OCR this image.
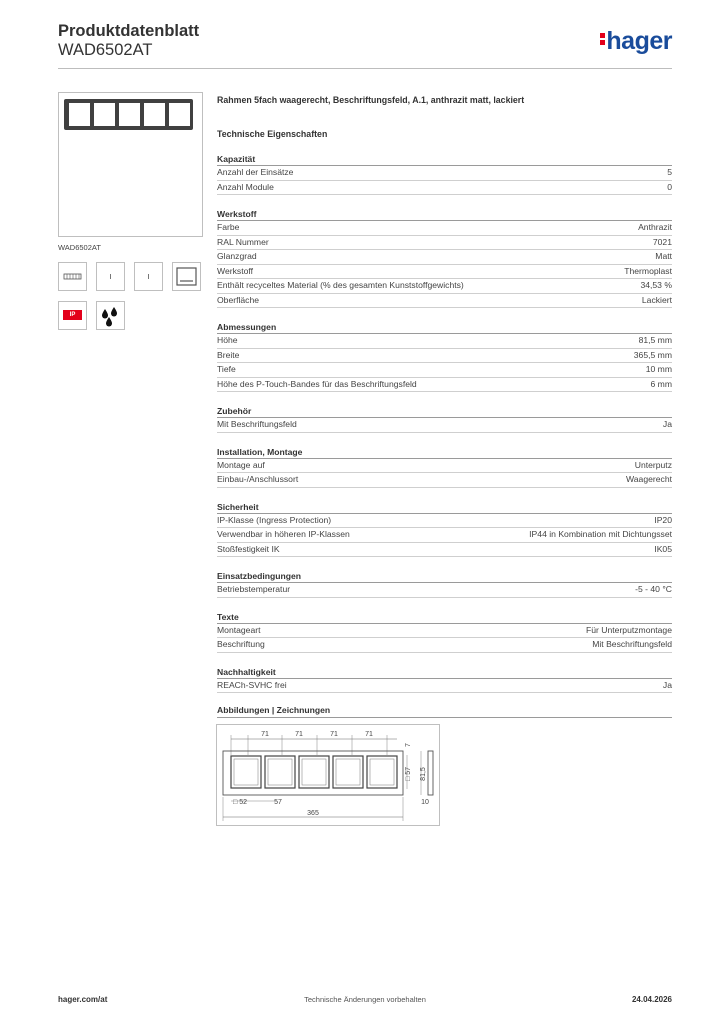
Produktdatenblatt
WAD6502AT	hager
WAD6502AT
IP
Rahmen 5fach waagerecht, Beschriftungsfeld, A.1, anthrazit matt, lackiert
Technische Eigenschaften
Kapazität
Anzahl der Einsätze	5
Anzahl Module	0
Werkstoff
Farbe	Anthrazit
RAL Nummer	7021
Glanzgrad	Matt
Werkstoff	Thermoplast
Enthält recyceltes Material (% des gesamten Kunststoffgewichts)	34,53 %
Oberfläche	Lackiert
Abmessungen
Höhe	81,5 mm
Breite	365,5 mm
Tiefe	10 mm
Höhe des P-Touch-Bandes für das Beschriftungsfeld	6 mm
Zubehör
Mit Beschriftungsfeld	Ja
Installation, Montage
Montage auf	Unterputz
Einbau-/Anschlussort	Waagerecht
Sicherheit
IP-Klasse (Ingress Protection)	IP20
Verwendbar in höheren IP-Klassen	IP44 in Kombination mit Dichtungsset
Stoßfestigkeit IK	IK05
Einsatzbedingungen
Betriebstemperatur	-5 - 40 °C
Texte
Montageart	Für Unterputzmontage
Beschriftung	Mit Beschriftungsfeld
Nachhaltigkeit
REACh-SVHC frei	Ja
Abbildungen | Zeichnungen
71	71	71	71
7
□ 57 81,5
□ 52	57	10
365
hager.com/at	Technische Änderungen vorbehalten	24.04.2026
